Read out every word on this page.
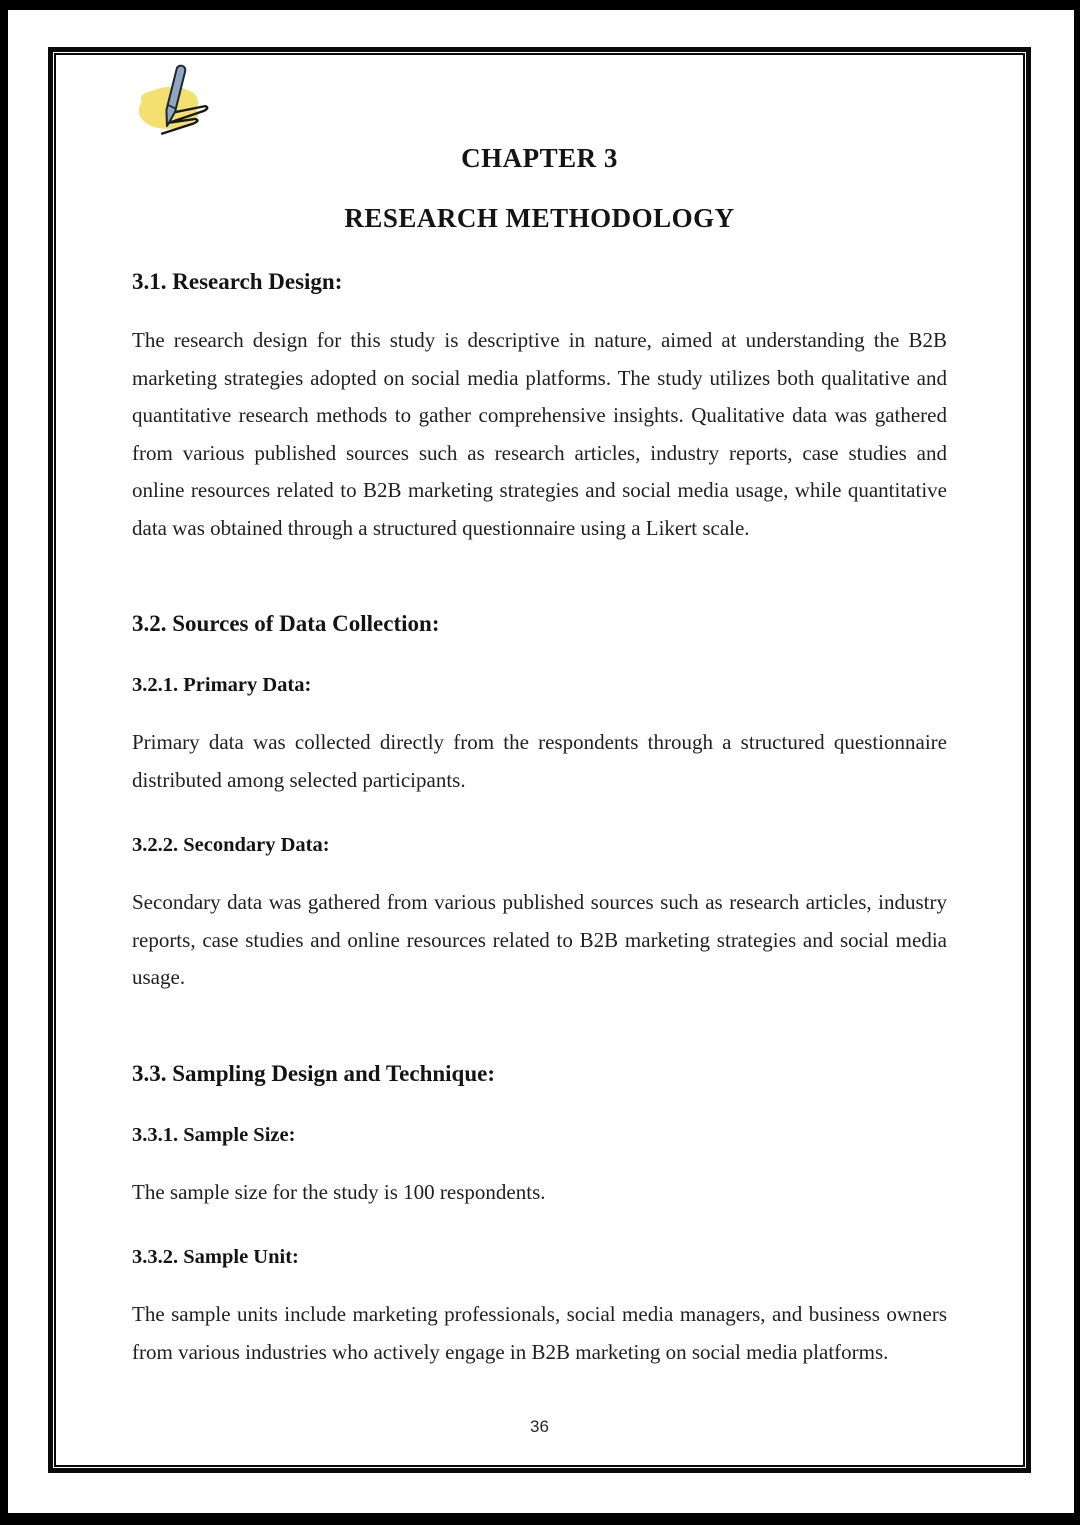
CHAPTER 3
RESEARCH METHODOLOGY
3.1. Research Design:

The research design for this study is descriptive in nature, aimed at understanding the B2B marketing strategies adopted on social media platforms. The study utilizes both qualitative and quantitative research methods to gather comprehensive insights. Qualitative data was gathered from various published sources such as research articles, industry reports, case studies and online resources related to B2B marketing strategies and social media usage, while quantitative data was obtained through a structured questionnaire using a Likert scale.

3.2. Sources of Data Collection:
3.2.1. Primary Data:

Primary data was collected directly from the respondents through a structured questionnaire distributed among selected participants.

3.2.2. Secondary Data:

Secondary data was gathered from various published sources such as research articles, industry reports, case studies and online resources related to B2B marketing strategies and social media usage.

3.3. Sampling Design and Technique:
3.3.1. Sample Size:

The sample size for the study is 100 respondents.

3.3.2. Sample Unit:

The sample units include marketing professionals, social media managers, and business owners from various industries who actively engage in B2B marketing on social media platforms.

36
